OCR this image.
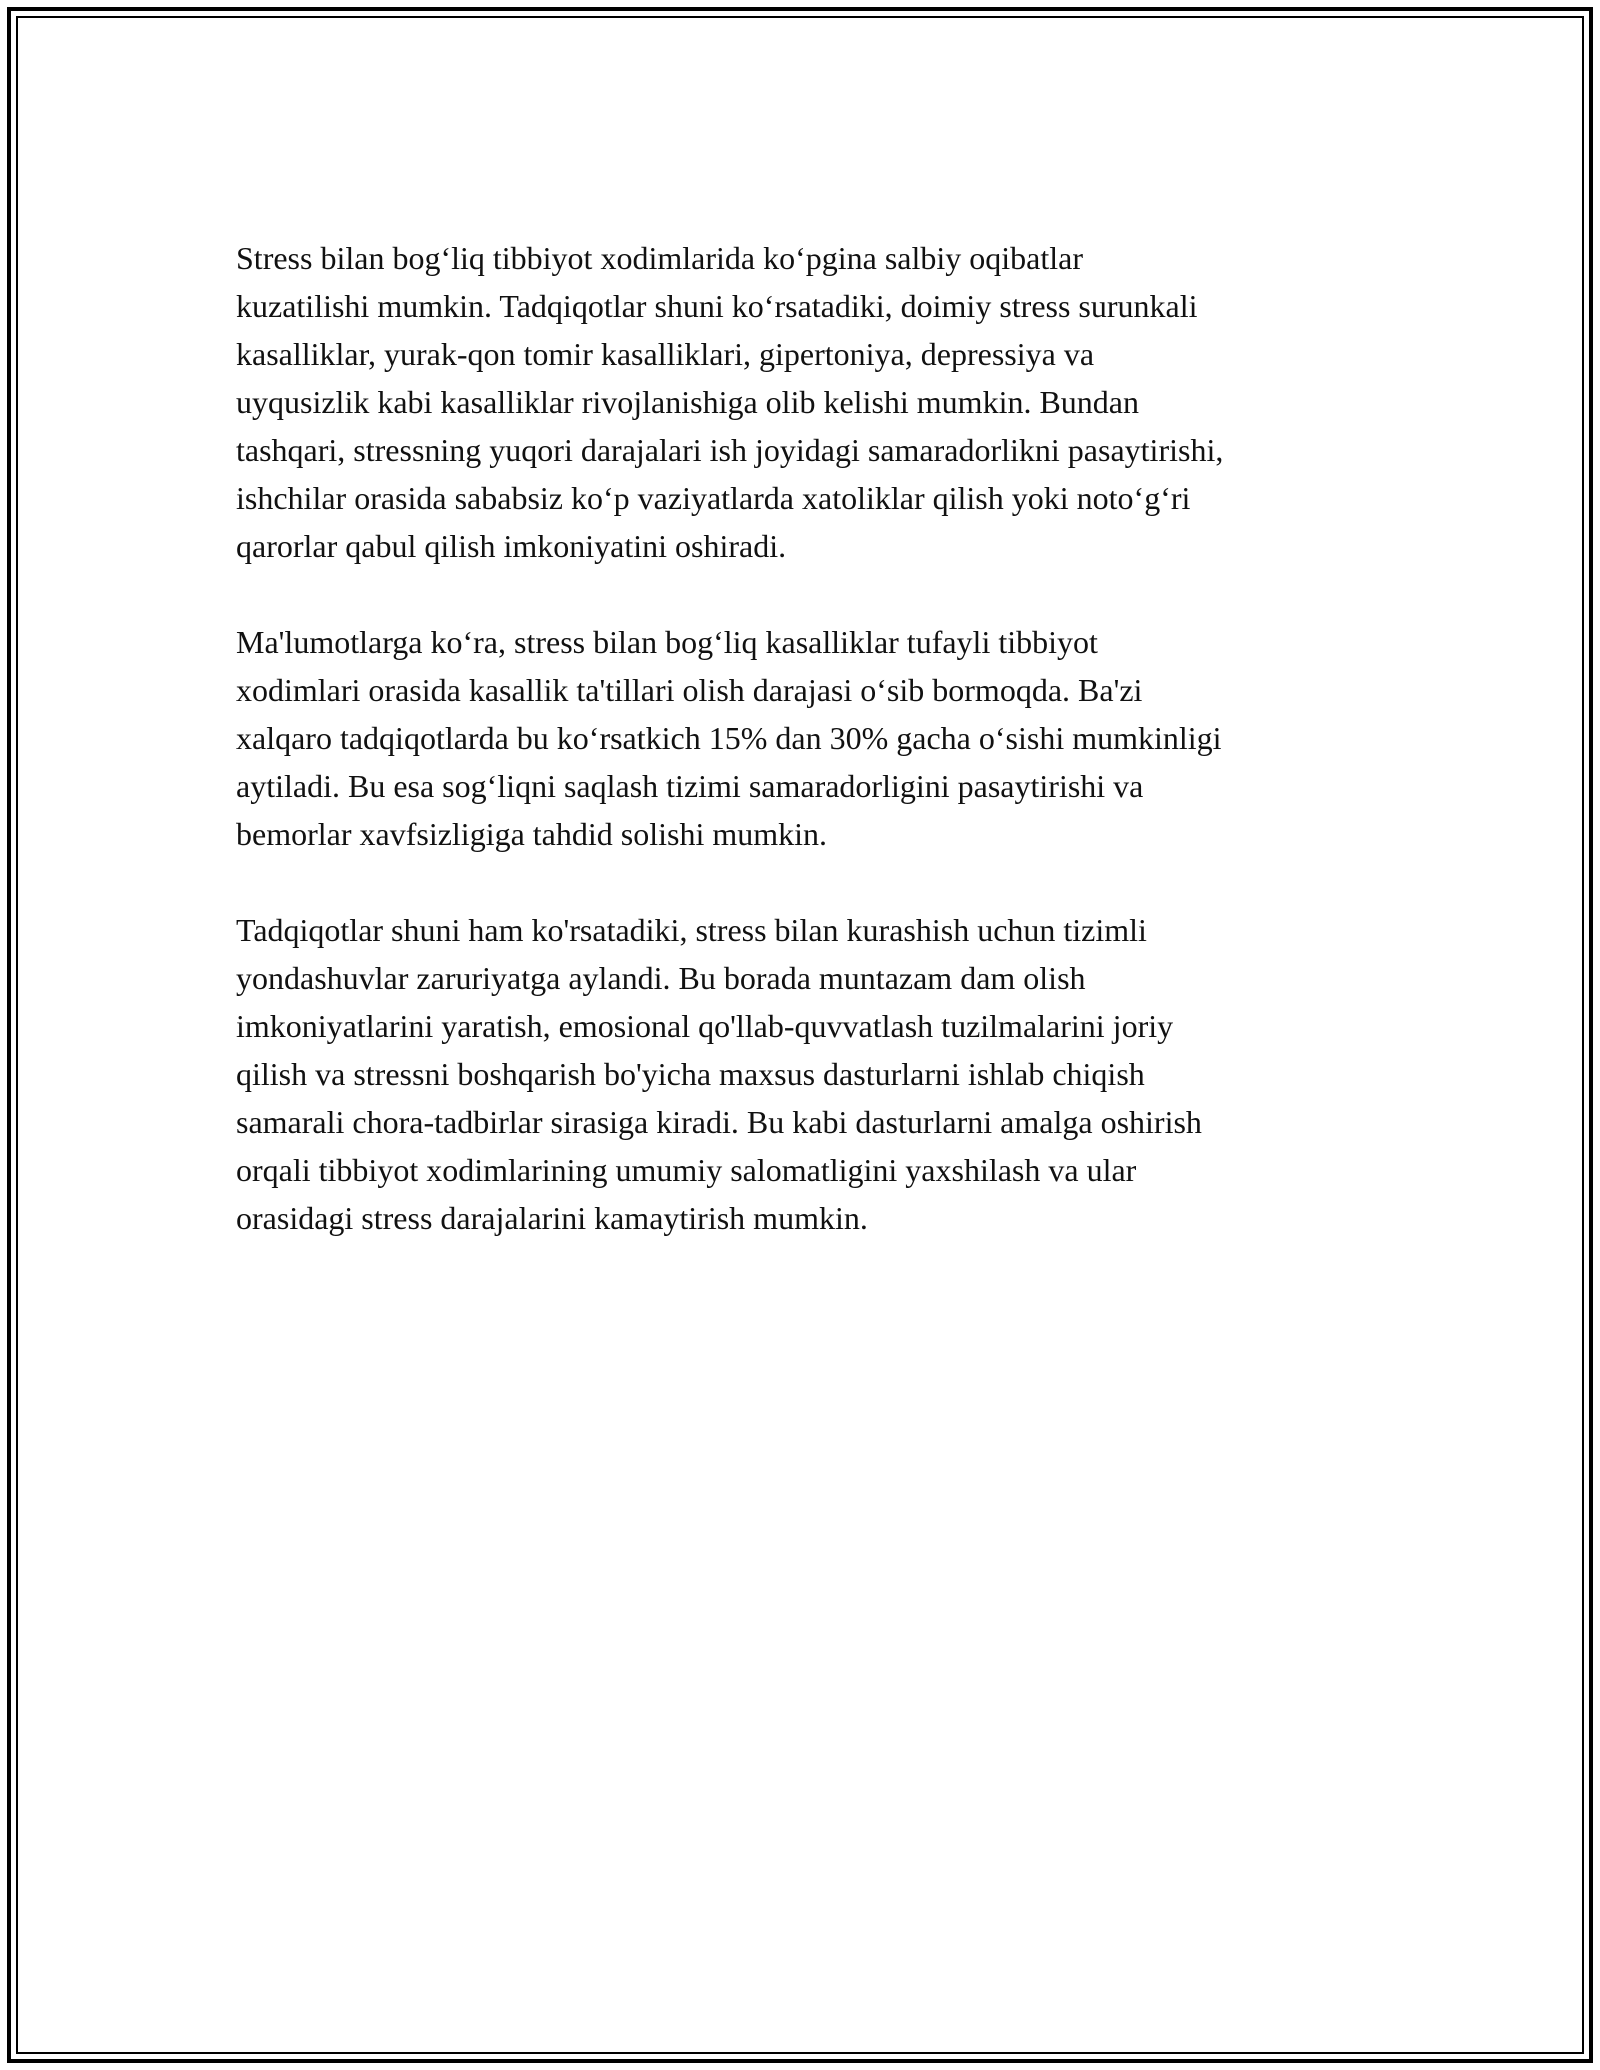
Stress bilan bog‘liq tibbiyot xodimlarida ko‘pgina salbiy oqibatlar
kuzatilishi mumkin. Tadqiqotlar shuni ko‘rsatadiki, doimiy stress surunkali
kasalliklar, yurak-qon tomir kasalliklari, gipertoniya, depressiya va
uyqusizlik kabi kasalliklar rivojlanishiga olib kelishi mumkin. Bundan
tashqari, stressning yuqori darajalari ish joyidagi samaradorlikni pasaytirishi,
ishchilar orasida sababsiz ko‘p vaziyatlarda xatoliklar qilish yoki noto‘g‘ri
qarorlar qabul qilish imkoniyatini oshiradi.

Ma'lumotlarga ko‘ra, stress bilan bog‘liq kasalliklar tufayli tibbiyot
xodimlari orasida kasallik ta'tillari olish darajasi o‘sib bormoqda. Ba'zi
xalqaro tadqiqotlarda bu ko‘rsatkich 15% dan 30% gacha o‘sishi mumkinligi
aytiladi. Bu esa sog‘liqni saqlash tizimi samaradorligini pasaytirishi va
bemorlar xavfsizligiga tahdid solishi mumkin.

Tadqiqotlar shuni ham ko'rsatadiki, stress bilan kurashish uchun tizimli
yondashuvlar zaruriyatga aylandi. Bu borada muntazam dam olish
imkoniyatlarini yaratish, emosional qo'llab-quvvatlash tuzilmalarini joriy
qilish va stressni boshqarish bo'yicha maxsus dasturlarni ishlab chiqish
samarali chora-tadbirlar sirasiga kiradi. Bu kabi dasturlarni amalga oshirish
orqali tibbiyot xodimlarining umumiy salomatligini yaxshilash va ular
orasidagi stress darajalarini kamaytirish mumkin.
